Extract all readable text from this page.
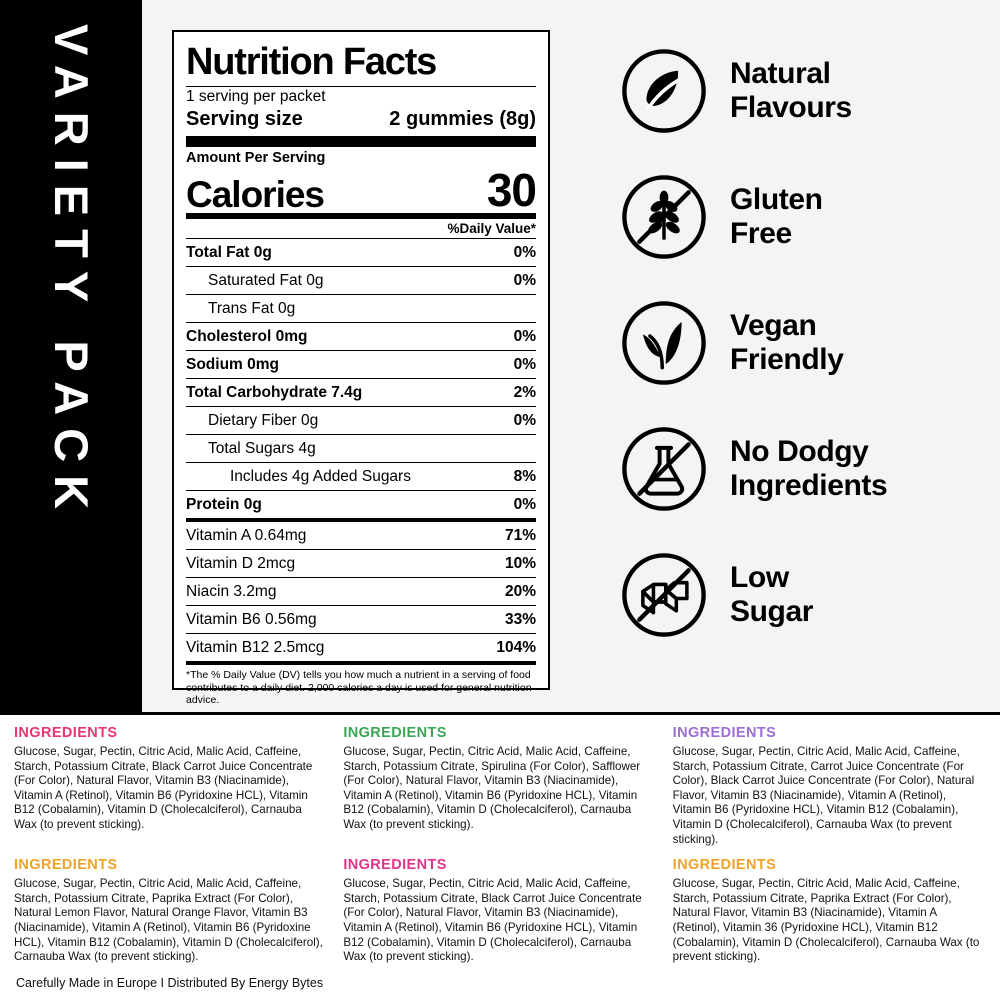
VARIETY PACK	Nutrition Facts
1 serving per packet
Serving size	2 gummies (8g)
Amount Per Serving
Calories	30
%Daily Value*
Total Fat 0g	0%
Saturated Fat 0g	0%
Trans Fat 0g
Cholesterol 0mg	0%
Sodium 0mg	0%
Total Carbohydrate 7.4g	2%
Dietary Fiber 0g	0%
Total Sugars 4g
Includes 4g Added Sugars	8%
Protein 0g	0%
Vitamin A 0.64mg	71%
Vitamin D 2mcg	10%
Niacin 3.2mg	20%
Vitamin B6 0.56mg	33%
Vitamin B12 2.5mcg	104%
*The % Daily Value (DV) tells you how much a nutrient in a serving of food contributes to a daily diet. 2,000 calories a day is used for general nutrition advice.
Natural
Flavours
Gluten
Free
Vegan
Friendly
No Dodgy
Ingredients
Low
Sugar
INGREDIENTS
Glucose, Sugar, Pectin, Citric Acid, Malic Acid, Caffeine, Starch, Potassium Citrate, Black Carrot Juice Concentrate (For Color), Natural Flavor, Vitamin B3 (Niacinamide), Vitamin A (Retinol), Vitamin B6 (Pyridoxine HCL), Vitamin B12 (Cobalamin), Vitamin D (Cholecalciferol), Carnauba Wax (to prevent sticking).
INGREDIENTS
Glucose, Sugar, Pectin, Citric Acid, Malic Acid, Caffeine, Starch, Potassium Citrate, Spirulina (For Color), Safflower (For Color), Natural Flavor, Vitamin B3 (Niacinamide), Vitamin A (Retinol), Vitamin B6 (Pyridoxine HCL), Vitamin B12 (Cobalamin), Vitamin D (Cholecalciferol), Carnauba Wax (to prevent sticking).
INGREDIENTS
Glucose, Sugar, Pectin, Citric Acid, Malic Acid, Caffeine, Starch, Potassium Citrate, Carrot Juice Concentrate (For Color), Black Carrot Juice Concentrate (For Color), Natural Flavor, Vitamin B3 (Niacinamide), Vitamin A (Retinol), Vitamin B6 (Pyridoxine HCL), Vitamin B12 (Cobalamin), Vitamin D (Cholecalciferol), Carnauba Wax (to prevent sticking).
INGREDIENTS
Glucose, Sugar, Pectin, Citric Acid, Malic Acid, Caffeine, Starch, Potassium Citrate, Paprika Extract (For Color), Natural Lemon Flavor, Natural Orange Flavor, Vitamin B3 (Niacinamide), Vitamin A (Retinol), Vitamin B6 (Pyridoxine HCL), Vitamin B12 (Cobalamin), Vitamin D (Cholecalciferol), Carnauba Wax (to prevent sticking).
INGREDIENTS
Glucose, Sugar, Pectin, Citric Acid, Malic Acid, Caffeine, Starch, Potassium Citrate, Black Carrot Juice Concentrate (For Color), Natural Flavor, Vitamin B3 (Niacinamide), Vitamin A (Retinol), Vitamin B6 (Pyridoxine HCL), Vitamin B12 (Cobalamin), Vitamin D (Cholecalciferol), Carnauba Wax (to prevent sticking).
INGREDIENTS
Glucose, Sugar, Pectin, Citric Acid, Malic Acid, Caffeine, Starch, Potassium Citrate, Paprika Extract (For Color), Natural Flavor, Vitamin B3 (Niacinamide), Vitamin A (Retinol), Vitamin 36 (Pyridoxine HCL), Vitamin B12 (Cobalamin), Vitamin D (Cholecalciferol), Carnauba Wax (to prevent sticking).
Carefully Made in Europe I Distributed By Energy Bytes
